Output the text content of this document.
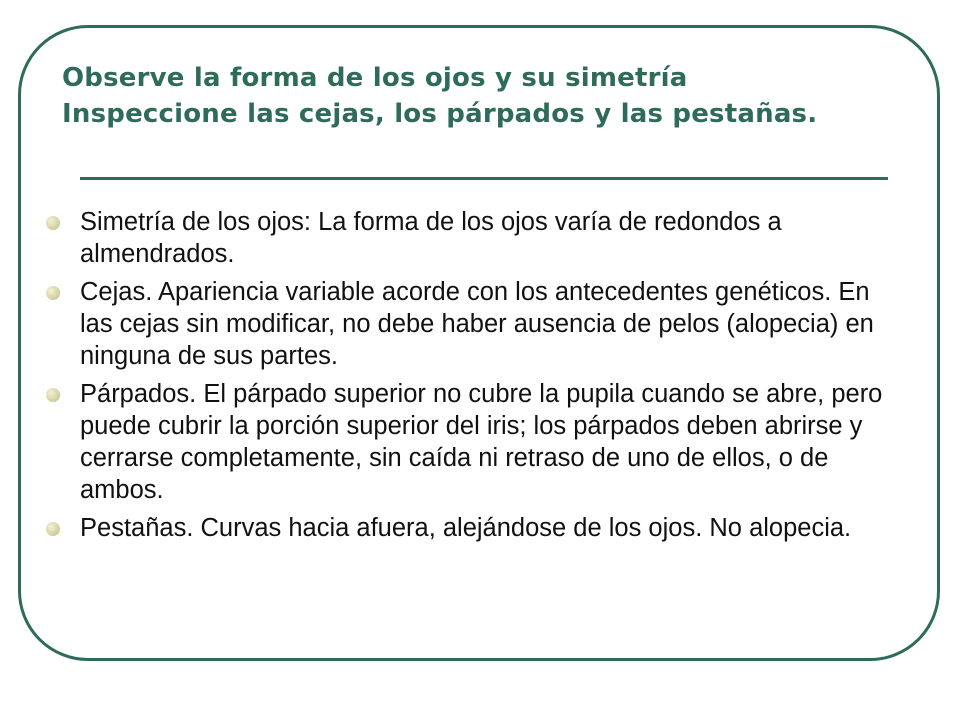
Observe la forma de los ojos y su simetría
Inspeccione las cejas, los párpados y las pestañas.
Simetría de los ojos: La forma de los ojos varía de redondos a almendrados.
Cejas. Apariencia variable acorde con los antecedentes genéticos. En las cejas sin modificar, no debe haber ausencia de pelos (alopecia) en ninguna de sus partes.
Párpados. El párpado superior no cubre la pupila cuando se abre, pero puede cubrir la porción superior del iris; los párpados deben abrirse y cerrarse completamente, sin caída ni retraso de uno de ellos, o de ambos.
Pestañas. Curvas hacia afuera, alejándose de los ojos. No alopecia.
